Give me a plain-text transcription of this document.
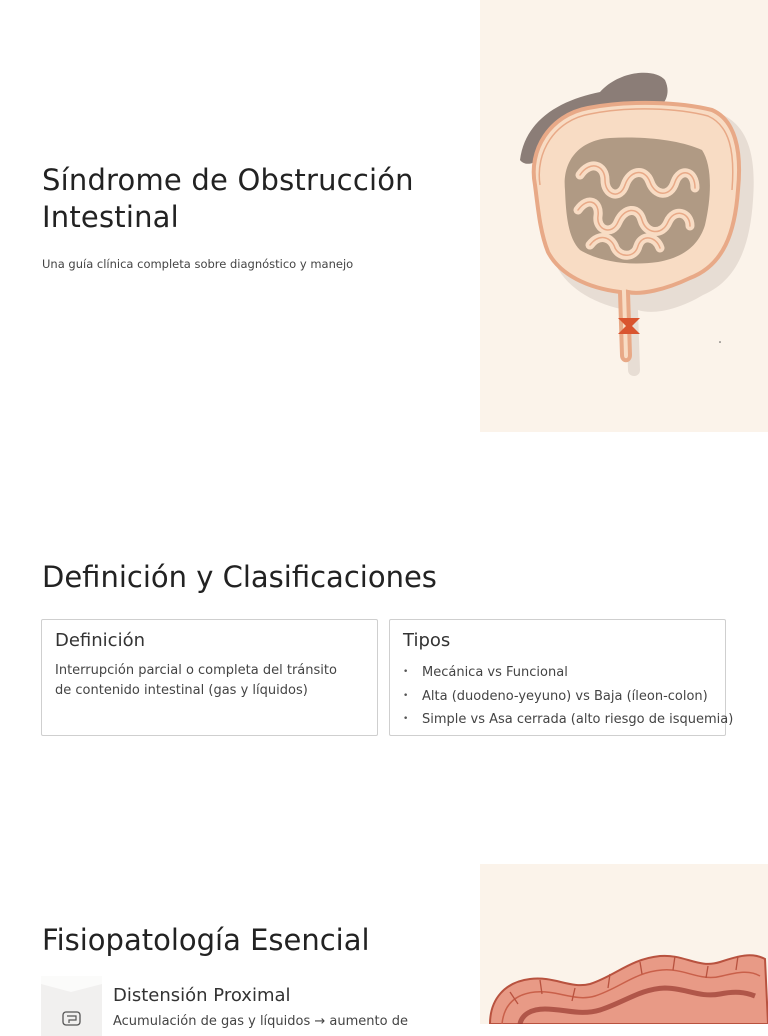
Síndrome de Obstrucción Intestinal

Una guía clínica completa sobre diagnóstico y manejo

Definición y Clasificaciones
Definición

Interrupción parcial o completa del tránsito de contenido intestinal (gas y líquidos)

Tipos
• Mecánica vs Funcional
• Alta (duodeno-yeyuno) vs Baja (íleon-colon)
• Simple vs Asa cerrada (alto riesgo de isquemia)
Fisiopatología Esencial
Distensión Proximal

Acumulación de gas y líquidos → aumento de
